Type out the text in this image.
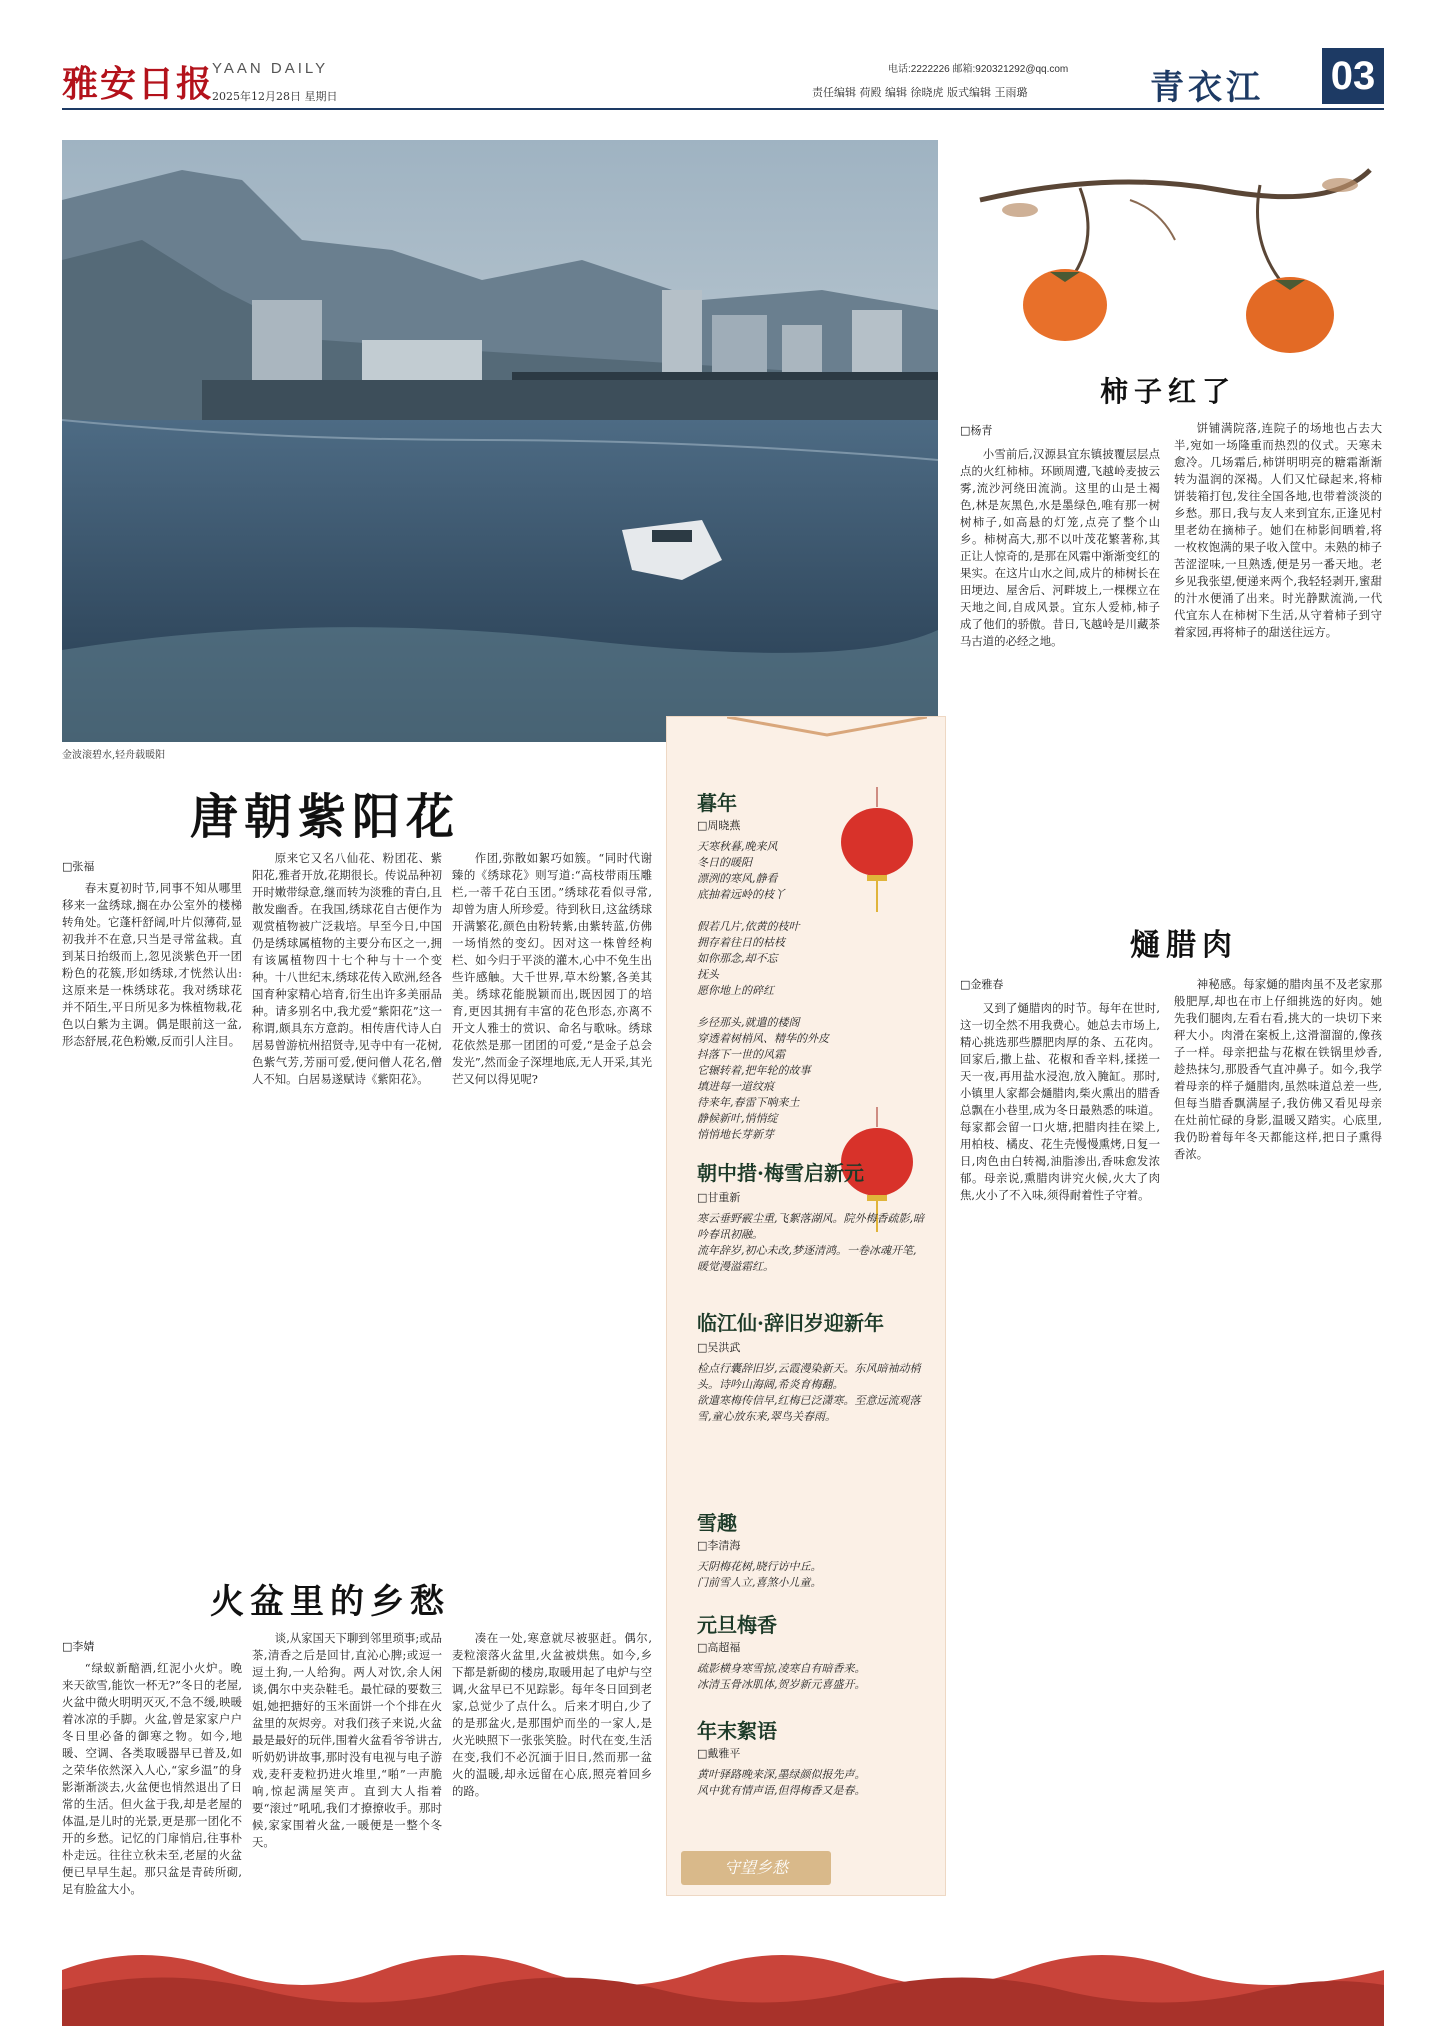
雅安日报
YAAN DAILY
2025年12月28日 星期日
电话:2222226 邮箱:920321292@qq.com
责任编辑 荷殿 编辑 徐晓虎 版式编辑 王雨璐	青衣江 03
金波滚碧水,轻舟载暖阳
唐朝紫阳花
□张福

春末夏初时节,同事不知从哪里移来一盆绣球,搁在办公室外的楼梯转角处。它蓬杆舒阔,叶片似薄荷,显初我并不在意,只当是寻常盆栽。直到某日抬级而上,忽见淡紫色开一团粉色的花簇,形如绣球,才恍然认出:这原来是一株绣球花。我对绣球花并不陌生,平日所见多为株植物栽,花色以白紫为主调。偶是眼前这一盆,形态舒展,花色粉嫩,反而引人注目。

原来它又名八仙花、粉团花、紫阳花,雅者开放,花期很长。传说品种初开时嫩带绿意,继而转为淡雅的青白,且散发幽香。在我国,绣球花自古便作为观赏植物被广泛栽培。早至今日,中国仍是绣球属植物的主要分布区之一,拥有该属植物四十七个种与十一个变种。十八世纪末,绣球花传入欧洲,经各国育种家精心培育,衍生出许多美丽品种。请多别名中,我尤爱“紫阳花”这一称谓,颇具东方意韵。相传唐代诗人白居易曾游杭州招贤寺,见寺中有一花树,色紫气芳,芳丽可爱,便问僧人花名,僧人不知。白居易遂赋诗《紫阳花》。

作团,弥散如絮巧如簇。“同时代谢臻的《绣球花》则写道:“高枝带雨压雕栏,一蒂千花白玉团。”绣球花看似寻常,却曾为唐人所珍爱。待到秋日,这盆绣球开满繁花,颜色由粉转紫,由紫转蓝,仿佛一场悄然的变幻。因对这一株曾经枸栏、如今归于平淡的灌木,心中不免生出些许感触。大千世界,草木纷繁,各美其美。绣球花能脱颖而出,既因园丁的培育,更因其拥有丰富的花色形态,亦离不开文人雅士的赏识、命名与歌咏。绣球花依然是那一团团的可爱,“是金子总会发光”,然而金子深埋地底,无人开采,其光芒又何以得见呢?

火盆里的乡愁
□李婧

“绿蚁新醅酒,红泥小火炉。晚来天欲雪,能饮一杯无?”冬日的老屋,火盆中微火明明灭灭,不急不缓,映暖着冰凉的手脚。火盆,曾是家家户户冬日里必备的御寒之物。如今,地暖、空调、各类取暖器早已普及,如之荣华依然深入人心,“家乡温”的身影渐渐淡去,火盆便也悄然退出了日常的生活。但火盆于我,却是老屋的体温,是儿时的光景,更是那一团化不开的乡愁。记忆的门扉悄启,往事朴朴走远。往往立秋未至,老屋的火盆便已早早生起。那只盆是青砖所砌,足有脸盆大小。

谈,从家国天下聊到邻里琐事;或品茶,清香之后是回甘,直沁心脾;或逗一逗土狗,一人给狗。两人对饮,余人闲谈,偶尔中夹杂鞋毛。最忙碌的要数三姐,她把搪好的玉米面饼一个个排在火盆里的灰烬旁。对我们孩子来说,火盆最是最好的玩伴,围着火盆看爷爷讲古,听奶奶讲故事,那时没有电视与电子游戏,麦秆麦粒扔进火堆里,“啪”一声脆响,惊起满屋笑声。直到大人指着要“滚过”吼吼,我们才撩撩收手。那时候,家家围着火盆,一暖便是一整个冬天。

凑在一处,寒意就尽被驱赶。偶尔,麦粒滚落火盆里,火盆被烘焦。如今,乡下都是新砌的楼房,取暖用起了电炉与空调,火盆早已不见踪影。每年冬日回到老家,总觉少了点什么。后来才明白,少了的是那盆火,是那围炉而坐的一家人,是火光映照下一张张笑脸。时代在变,生活在变,我们不必沉湎于旧日,然而那一盆火的温暖,却永远留在心底,照亮着回乡的路。

暮年
□周晓燕
天寒秋暮,晚来风
冬日的暖阳
漂洌的寒风,静看
底抽着远岭的枝丫

假若几片,依黄的枝叶
拥存着往日的枯枝
如你那念,却不忘
抚头
愿你地上的碎红

乡径那头,就遣的楼阁
穿透着树梢风、精华的外皮
抖落下一世的风霜
它辗转着,把年轮的故事
填进每一道纹痕
待来年,春雷下响来土
静候新叶,悄悄绽
悄悄地长芽新芽
朝中措·梅雪启新元
□甘重新
寒云垂野霰尘重,飞絮落湖风。院外梅香疏影,暗吟春讯初融。
流年辞岁,初心未改,梦逐清鸿。一卷冰魂开笔,暖觉漫溢霜红。
临江仙·辞旧岁迎新年
□吴洪武
检点行囊辞旧岁,云霞漫染新天。东风暗袖动梢头。诗吟山海阔,希炎育梅翻。
欲遣寒梅传信早,红梅已泛潇寒。至意远流观落雪,童心放东来,翠鸟关春雨。
雪趣
□李清海
天阴梅花树,晓行访中丘。
门前雪人立,喜煞小儿童。
元旦梅香
□高超福
疏影横身寒雪掠,凌寒自有暗香来。
冰清玉骨冰肌体,贺岁新元喜盛开。
年末絮语
□戴雅平
黄叶驿路晚来深,墨绿颜似报先声。
风中犹有情声语,但得梅香又是春。
守望乡愁
柿子红了
□杨青

小雪前后,汉源县宜东镇披覆层层点点的火红柿柿。环顾周遭,飞越岭麦披云雾,流沙河绕田流淌。这里的山是土褐色,林是灰黑色,水是墨绿色,唯有那一树树柿子,如高悬的灯笼,点亮了整个山乡。柿树高大,那不以叶茂花繁著称,其正让人惊奇的,是那在风霜中渐渐变红的果实。在这片山水之间,成片的柿树长在田埂边、屋舍后、河畔坡上,一棵棵立在天地之间,自成风景。宜东人爱柿,柿子成了他们的骄傲。昔日,飞越岭是川藏茶马古道的必经之地。

饼铺满院落,连院子的场地也占去大半,宛如一场隆重而热烈的仪式。天寒未愈冷。几场霜后,柿饼明明亮的糖霜渐渐转为温润的深褐。人们又忙碌起来,将柿饼装箱打包,发往全国各地,也带着淡淡的乡愁。那日,我与友人来到宜东,正逢见村里老幼在摘柿子。她们在柿影间晒着,将一枚枚饱满的果子收入筐中。未熟的柿子苦涩涩味,一旦熟透,便是另一番天地。老乡见我张望,便递来两个,我轻轻剥开,蜜甜的汁水便涌了出来。时光静默流淌,一代代宜东人在柿树下生活,从守着柿子到守着家园,再将柿子的甜送往远方。

熥腊肉
□金雅春

又到了熥腊肉的时节。每年在世时,这一切全然不用我费心。她总去市场上,精心挑选那些膘肥肉厚的条、五花肉。回家后,撒上盐、花椒和香辛料,揉搓一天一夜,再用盐水浸泡,放入腌缸。那时,小镇里人家都会熥腊肉,柴火熏出的腊香总飘在小巷里,成为冬日最熟悉的味道。每家都会留一口火塘,把腊肉挂在梁上,用柏枝、橘皮、花生壳慢慢熏烤,日复一日,肉色由白转褐,油脂渗出,香味愈发浓郁。母亲说,熏腊肉讲究火候,火大了肉焦,火小了不入味,须得耐着性子守着。

神秘感。每家熥的腊肉虽不及老家那般肥厚,却也在市上仔细挑选的好肉。她先我们腿肉,左看右看,挑大的一块切下来秤大小。肉滑在案板上,这滑溜溜的,像孩子一样。母亲把盐与花椒在铁锅里炒香,趁热抹匀,那股香气直冲鼻子。如今,我学着母亲的样子熥腊肉,虽然味道总差一些,但每当腊香飘满屋子,我仿佛又看见母亲在灶前忙碌的身影,温暖又踏实。心底里,我仍盼着每年冬天都能这样,把日子熏得香浓。
